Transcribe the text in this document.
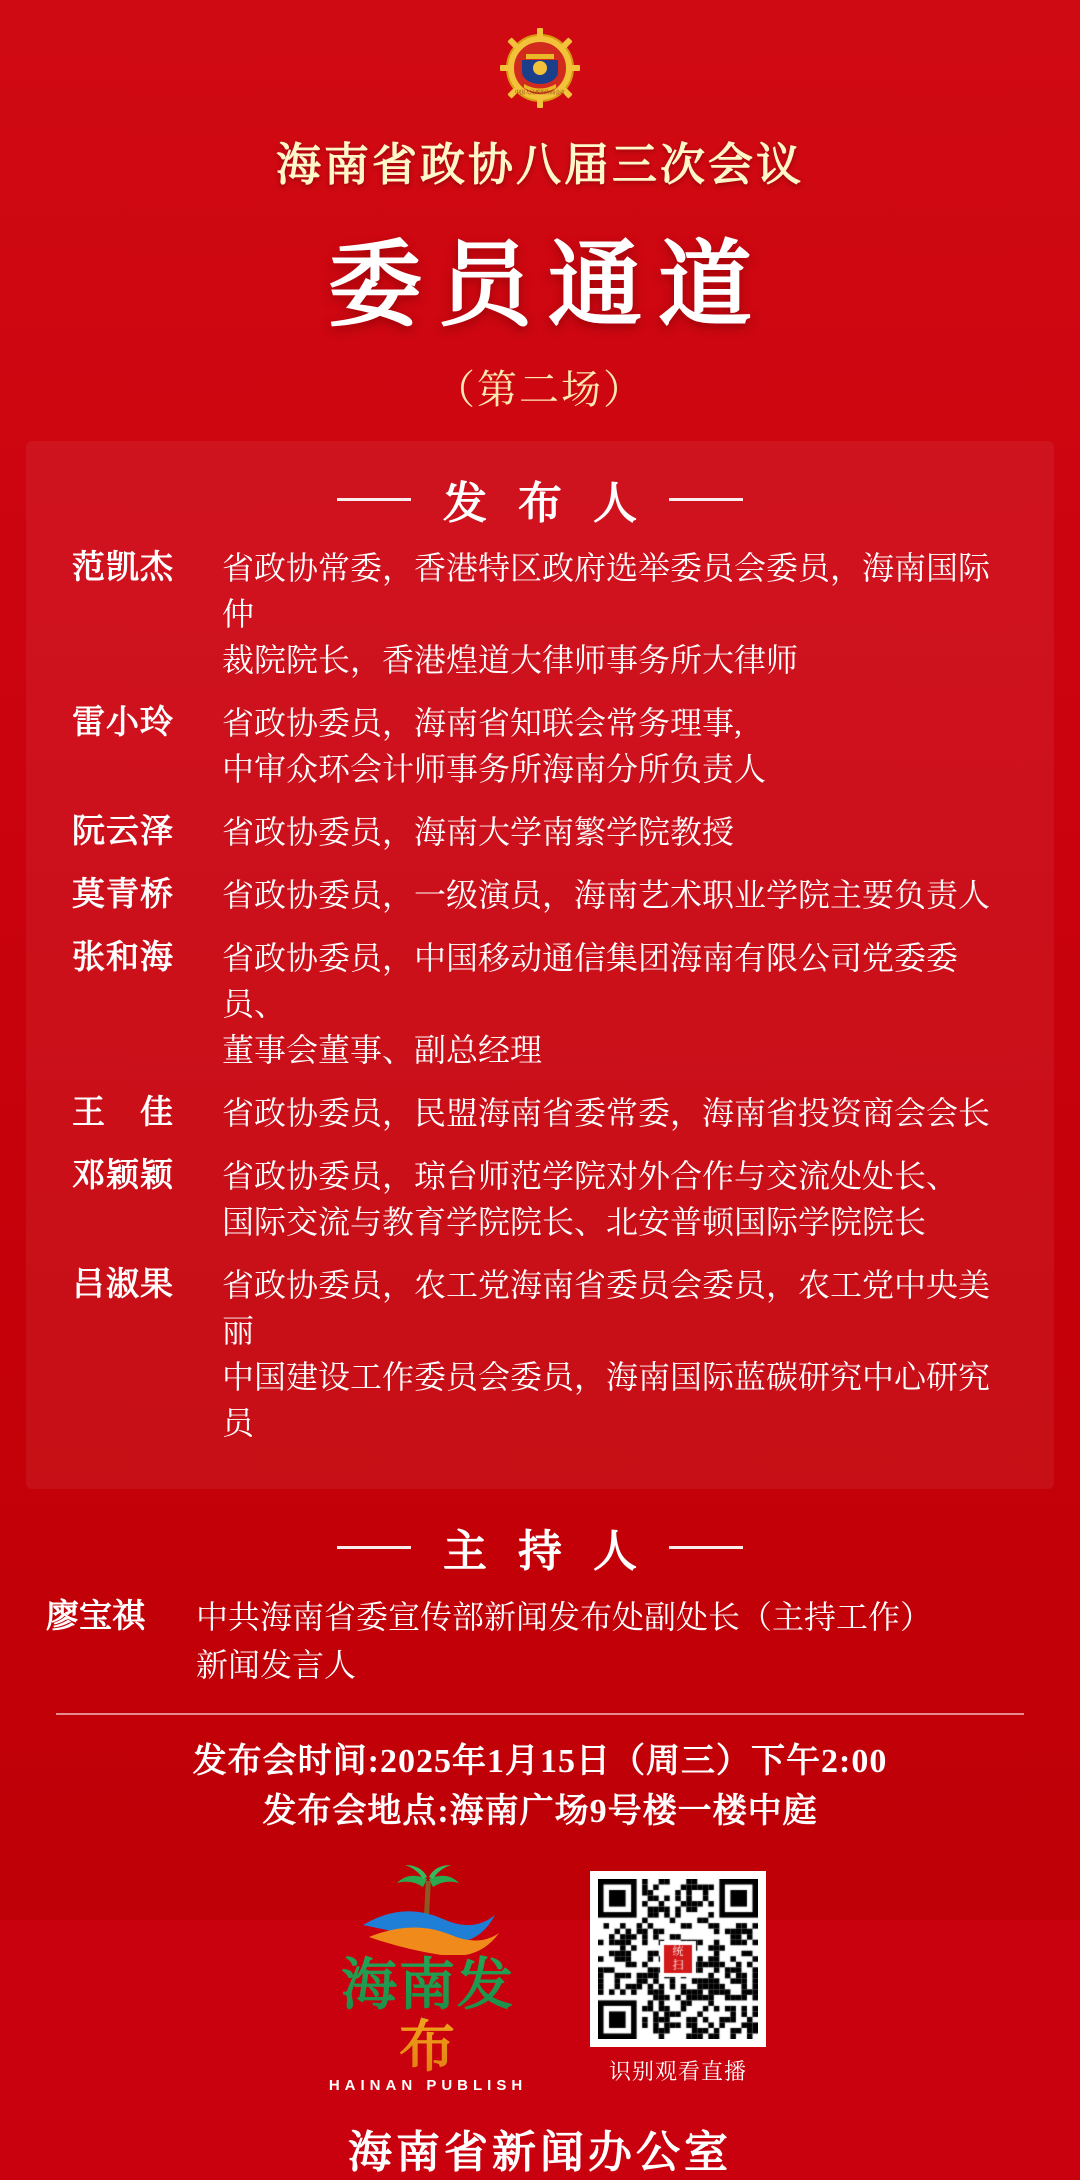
中国人民政治协商会议
海南省政协八届三次会议
委员通道
（第二场）
发 布 人
范凯杰	省政协常委，香港特区政府选举委员会委员，海南国际仲
裁院院长，香港煌道大律师事务所大律师
雷小玲	省政协委员，海南省知联会常务理事,
中审众环会计师事务所海南分所负责人
阮云泽	省政协委员，海南大学南繁学院教授
莫青桥	省政协委员，一级演员，海南艺术职业学院主要负责人
张和海	省政协委员，中国移动通信集团海南有限公司党委委员、
董事会董事、副总经理
王　佳	省政协委员，民盟海南省委常委，海南省投资商会会长
邓颖颖	省政协委员，琼台师范学院对外合作与交流处处长、
国际交流与教育学院院长、北安普顿国际学院院长
吕淑果	省政协委员，农工党海南省委员会委员，农工党中央美丽
中国建设工作委员会委员，海南国际蓝碳研究中心研究员
主 持 人
廖宝祺	中共海南省委宣传部新闻发布处副处长（主持工作）
新闻发言人
发布会时间:2025年1月15日（周三）下午2:00
发布会地点:海南广场9号楼一楼中庭
海南发布
HAINAN PUBLISH
识别观看直播
海南省新闻办公室
